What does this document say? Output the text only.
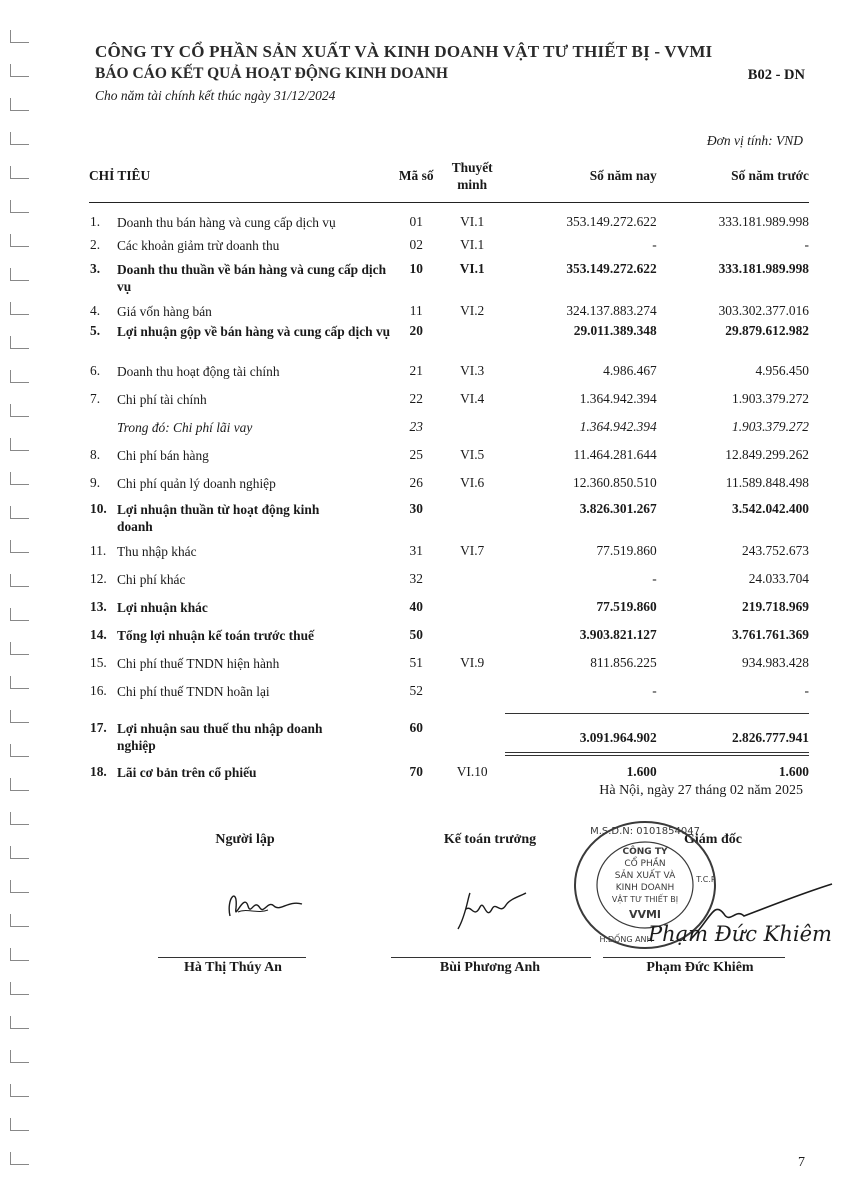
CÔNG TY CỔ PHẦN SẢN XUẤT VÀ KINH DOANH VẬT TƯ THIẾT BỊ - VVMI
BÁO CÁO KẾT QUẢ HOẠT ĐỘNG KINH DOANH	B02 - DN
Cho năm tài chính kết thúc ngày 31/12/2024
Đơn vị tính: VND
CHỈ TIÊU	Mã số	Thuyết
minh	Số năm nay	Số năm trước

1. Doanh thu bán hàng và cung cấp dịch vụ	01	VI.1	353.149.272.622	333.181.989.998

2. Các khoản giảm trừ doanh thu	02	VI.1	-	-

3. Doanh thu thuần về bán hàng và cung cấp dịch vụ	10	VI.1	353.149.272.622	333.181.989.998

4. Giá vốn hàng bán	11	VI.2	324.137.883.274	303.302.377.016

5. Lợi nhuận gộp về bán hàng và cung cấp dịch vụ	20		29.011.389.348	29.879.612.982

6. Doanh thu hoạt động tài chính	21	VI.3	4.986.467	4.956.450

7. Chi phí tài chính	22	VI.4	1.364.942.394	1.903.379.272

Trong đó: Chi phí lãi vay	23		1.364.942.394	1.903.379.272

8. Chi phí bán hàng	25	VI.5	11.464.281.644	12.849.299.262

9. Chi phí quản lý doanh nghiệp	26	VI.6	12.360.850.510	11.589.848.498

10. Lợi nhuận thuần từ hoạt động kinh doanh	30		3.826.301.267	3.542.042.400

11. Thu nhập khác	31	VI.7	77.519.860	243.752.673

12. Chi phí khác	32		-	24.033.704

13. Lợi nhuận khác	40		77.519.860	219.718.969

14. Tổng lợi nhuận kế toán trước thuế	50		3.903.821.127	3.761.761.369

15. Chi phí thuế TNDN hiện hành	51	VI.9	811.856.225	934.983.428

16. Chi phí thuế TNDN hoãn lại	52		-	-

17. Lợi nhuận sau thuế thu nhập doanh nghiệp	60		3.091.964.902	2.826.777.941

18. Lãi cơ bản trên cổ phiếu	70	VI.10	1.600	1.600
Hà Nội, ngày 27 tháng 02 năm 2025
Người lập	Kế toán trưởng	Giám đốc
M.S.D.N: 0101854047
CÔNG TY
CỔ PHẦN
SẢN XUẤT VÀ
KINH DOANH
VẬT TƯ THIẾT BỊ
VVMI
T.C.P
H.ĐỐNG ANH
Phạm Đức Khiêm
Hà Thị Thúy An	Bùi Phương Anh	Phạm Đức Khiêm
7
